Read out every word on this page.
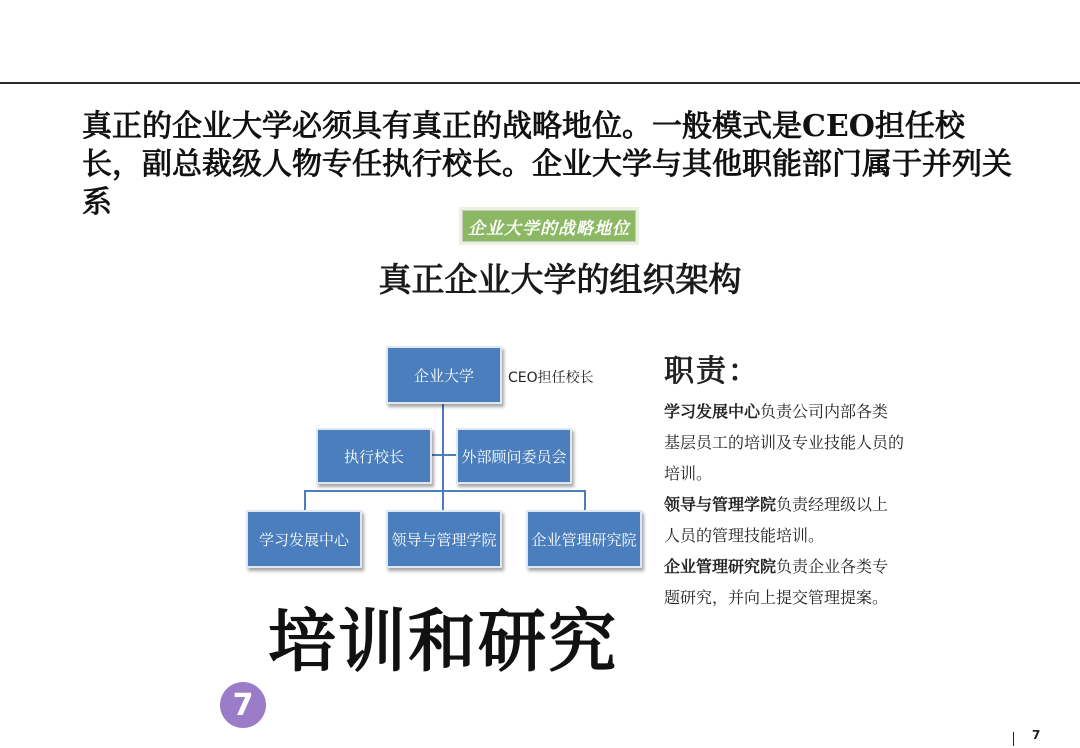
真正的企业大学必须具有真正的战略地位。一般模式是CEO担任校长，副总裁级人物专任执行校长。企业大学与其他职能部门属于并列关系

企业大学的战略地位
真正企业大学的组织架构
企业大学	CEO担任校长
执行校长	外部顾问委员会
学习发展中心	领导与管理学院	企业管理研究院
职责：
学习发展中心负责公司内部各类基层员工的培训及专业技能人员的培训。
领导与管理学院负责经理级以上人员的管理技能培训。
企业管理研究院负责企业各类专题研究，并向上提交管理提案。

培训和研究

7
7
